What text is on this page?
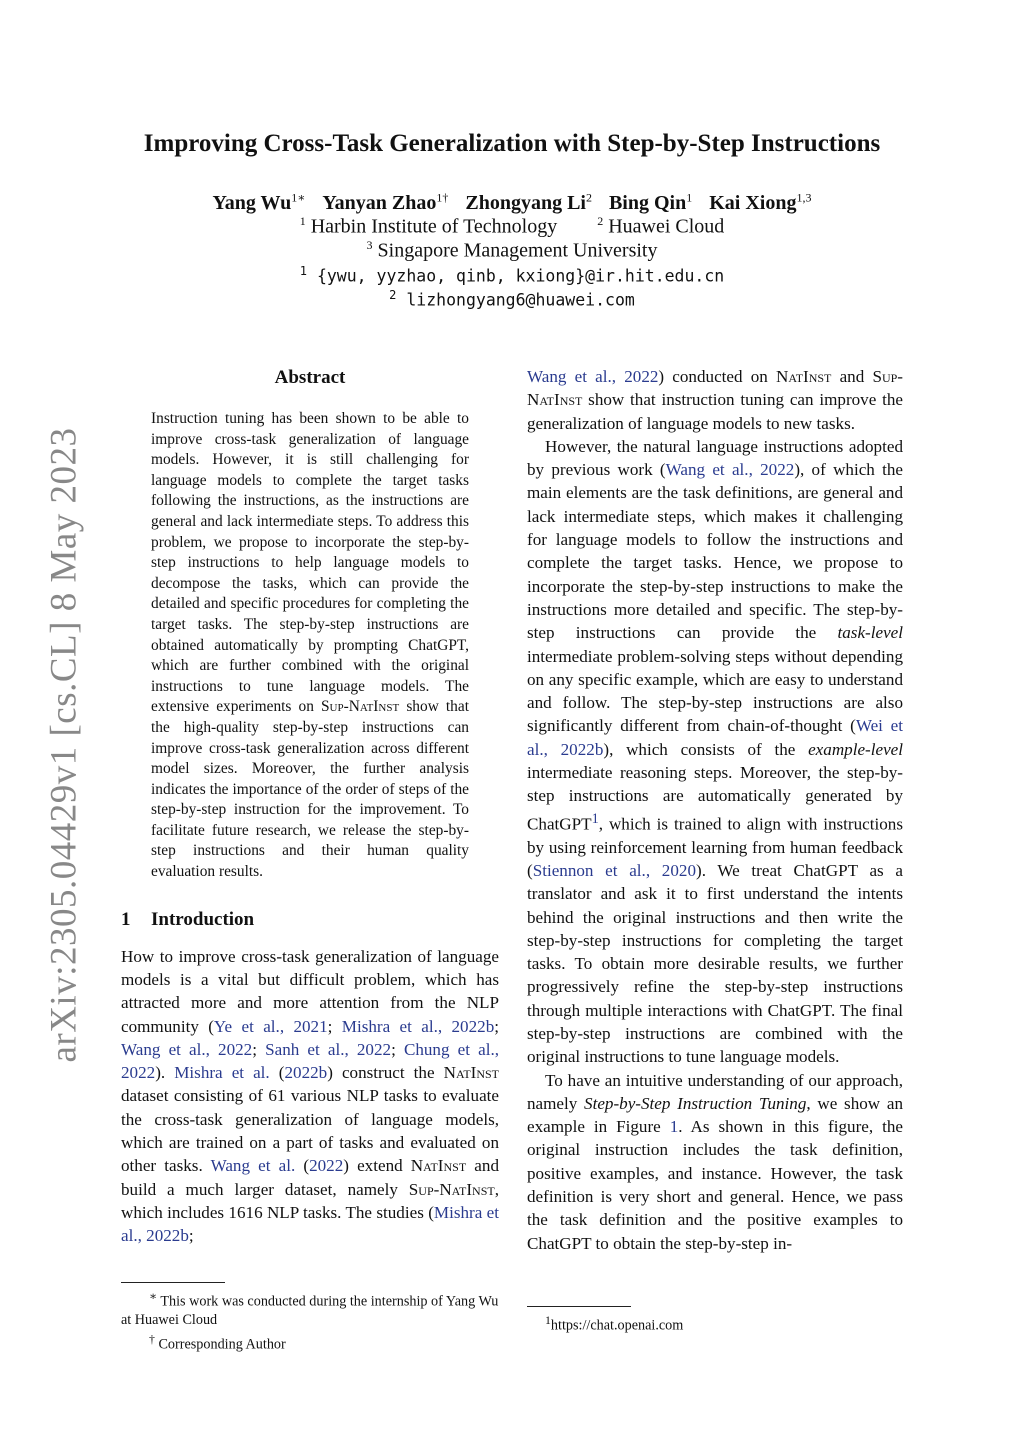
arXiv:2305.04429v1 [cs.CL] 8 May 2023
Improving Cross-Task Generalization with Step-by-Step Instructions
Yang $Wu^{1∗}$ Yanyan Zhao$^{1\dagger}$ Zhongyang Li$^2$ Bing Qin$^1$ Kai Xiong$^{1,3}$
$^1$ Harbin Institute of Technology	$^2$ Huawei Cloud
$^3$ Singapore Management University
$^1$ {ywu, yyzhao, qinb, kxiong}@ir.hit.edu.cn
$^2$ lizhongyang6@huawei.com
Abstract
Instruction tuning has been shown to be able to improve cross-task generalization of language models. However, it is still challenging for language models to complete the target tasks following the instructions, as the instructions are general and lack intermediate steps. To address this problem, we propose to incorporate the step-by-step instructions to help language models to decompose the tasks, which can provide the detailed and specific procedures for completing the target tasks. The step-by-step instructions are obtained automatically by prompting ChatGPT, which are further combined with the original instructions to tune language models. The extensive experiments on Sup-NatInst show that the high-quality step-by-step instructions can improve cross-task generalization across different model sizes. Moreover, the further analysis indicates the importance of the order of steps of the step-by-step instruction for the improvement. To facilitate future research, we release the step-by-step instructions and their human quality evaluation results.
1 Introduction

How to improve cross-task generalization of language models is a vital but difficult problem, which has attracted more and more attention from the NLP community (Ye et al., 2021; Mishra et al., 2022b; Wang et al., 2022; Sanh et al., 2022; Chung et al., 2022). Mishra et al. (2022b) construct the NatInst dataset consisting of 61 various NLP tasks to evaluate the cross-task generalization of language models, which are trained on a part of tasks and evaluated on other tasks. Wang et al. (2022) extend NatInst and build a much larger dataset, namely Sup-NatInst, which includes 1616 NLP tasks. The studies (Mishra et al., 2022b;

∗ This work was conducted during the internship of Yang Wu at Huawei Cloud
† Corresponding Author

Wang et al., 2022) conducted on NatInst and Sup-NatInst show that instruction tuning can improve the generalization of language models to new tasks.

However, the natural language instructions adopted by previous work (Wang et al., 2022), of which the main elements are the task definitions, are general and lack intermediate steps, which makes it challenging for language models to follow the instructions and complete the target tasks. Hence, we propose to incorporate the step-by-step instructions to make the instructions more detailed and specific. The step-by-step instructions can provide the task-level intermediate problem-solving steps without depending on any specific example, which are easy to understand and follow. The step-by-step instructions are also significantly different from chain-of-thought (Wei et al., 2022b), which consists of the example-level intermediate reasoning steps. Moreover, the step-by-step instructions are automatically generated by ChatGPT$^1$, which is trained to align with instructions by using reinforcement learning from human feedback (Stiennon et al., 2020). We treat ChatGPT as a translator and ask it to first understand the intents behind the original instructions and then write the step-by-step instructions for completing the target tasks. To obtain more desirable results, we further progressively refine the step-by-step instructions through multiple interactions with ChatGPT. The final step-by-step instructions are combined with the original instructions to tune language models.

To have an intuitive understanding of our approach, namely Step-by-Step Instruction Tuning, we show an example in Figure 1. As shown in this figure, the original instruction includes the task definition, positive examples, and instance. However, the task definition is very short and general. Hence, we pass the task definition and the positive examples to ChatGPT to obtain the step-by-step in-

$^1$https://chat.openai.com
